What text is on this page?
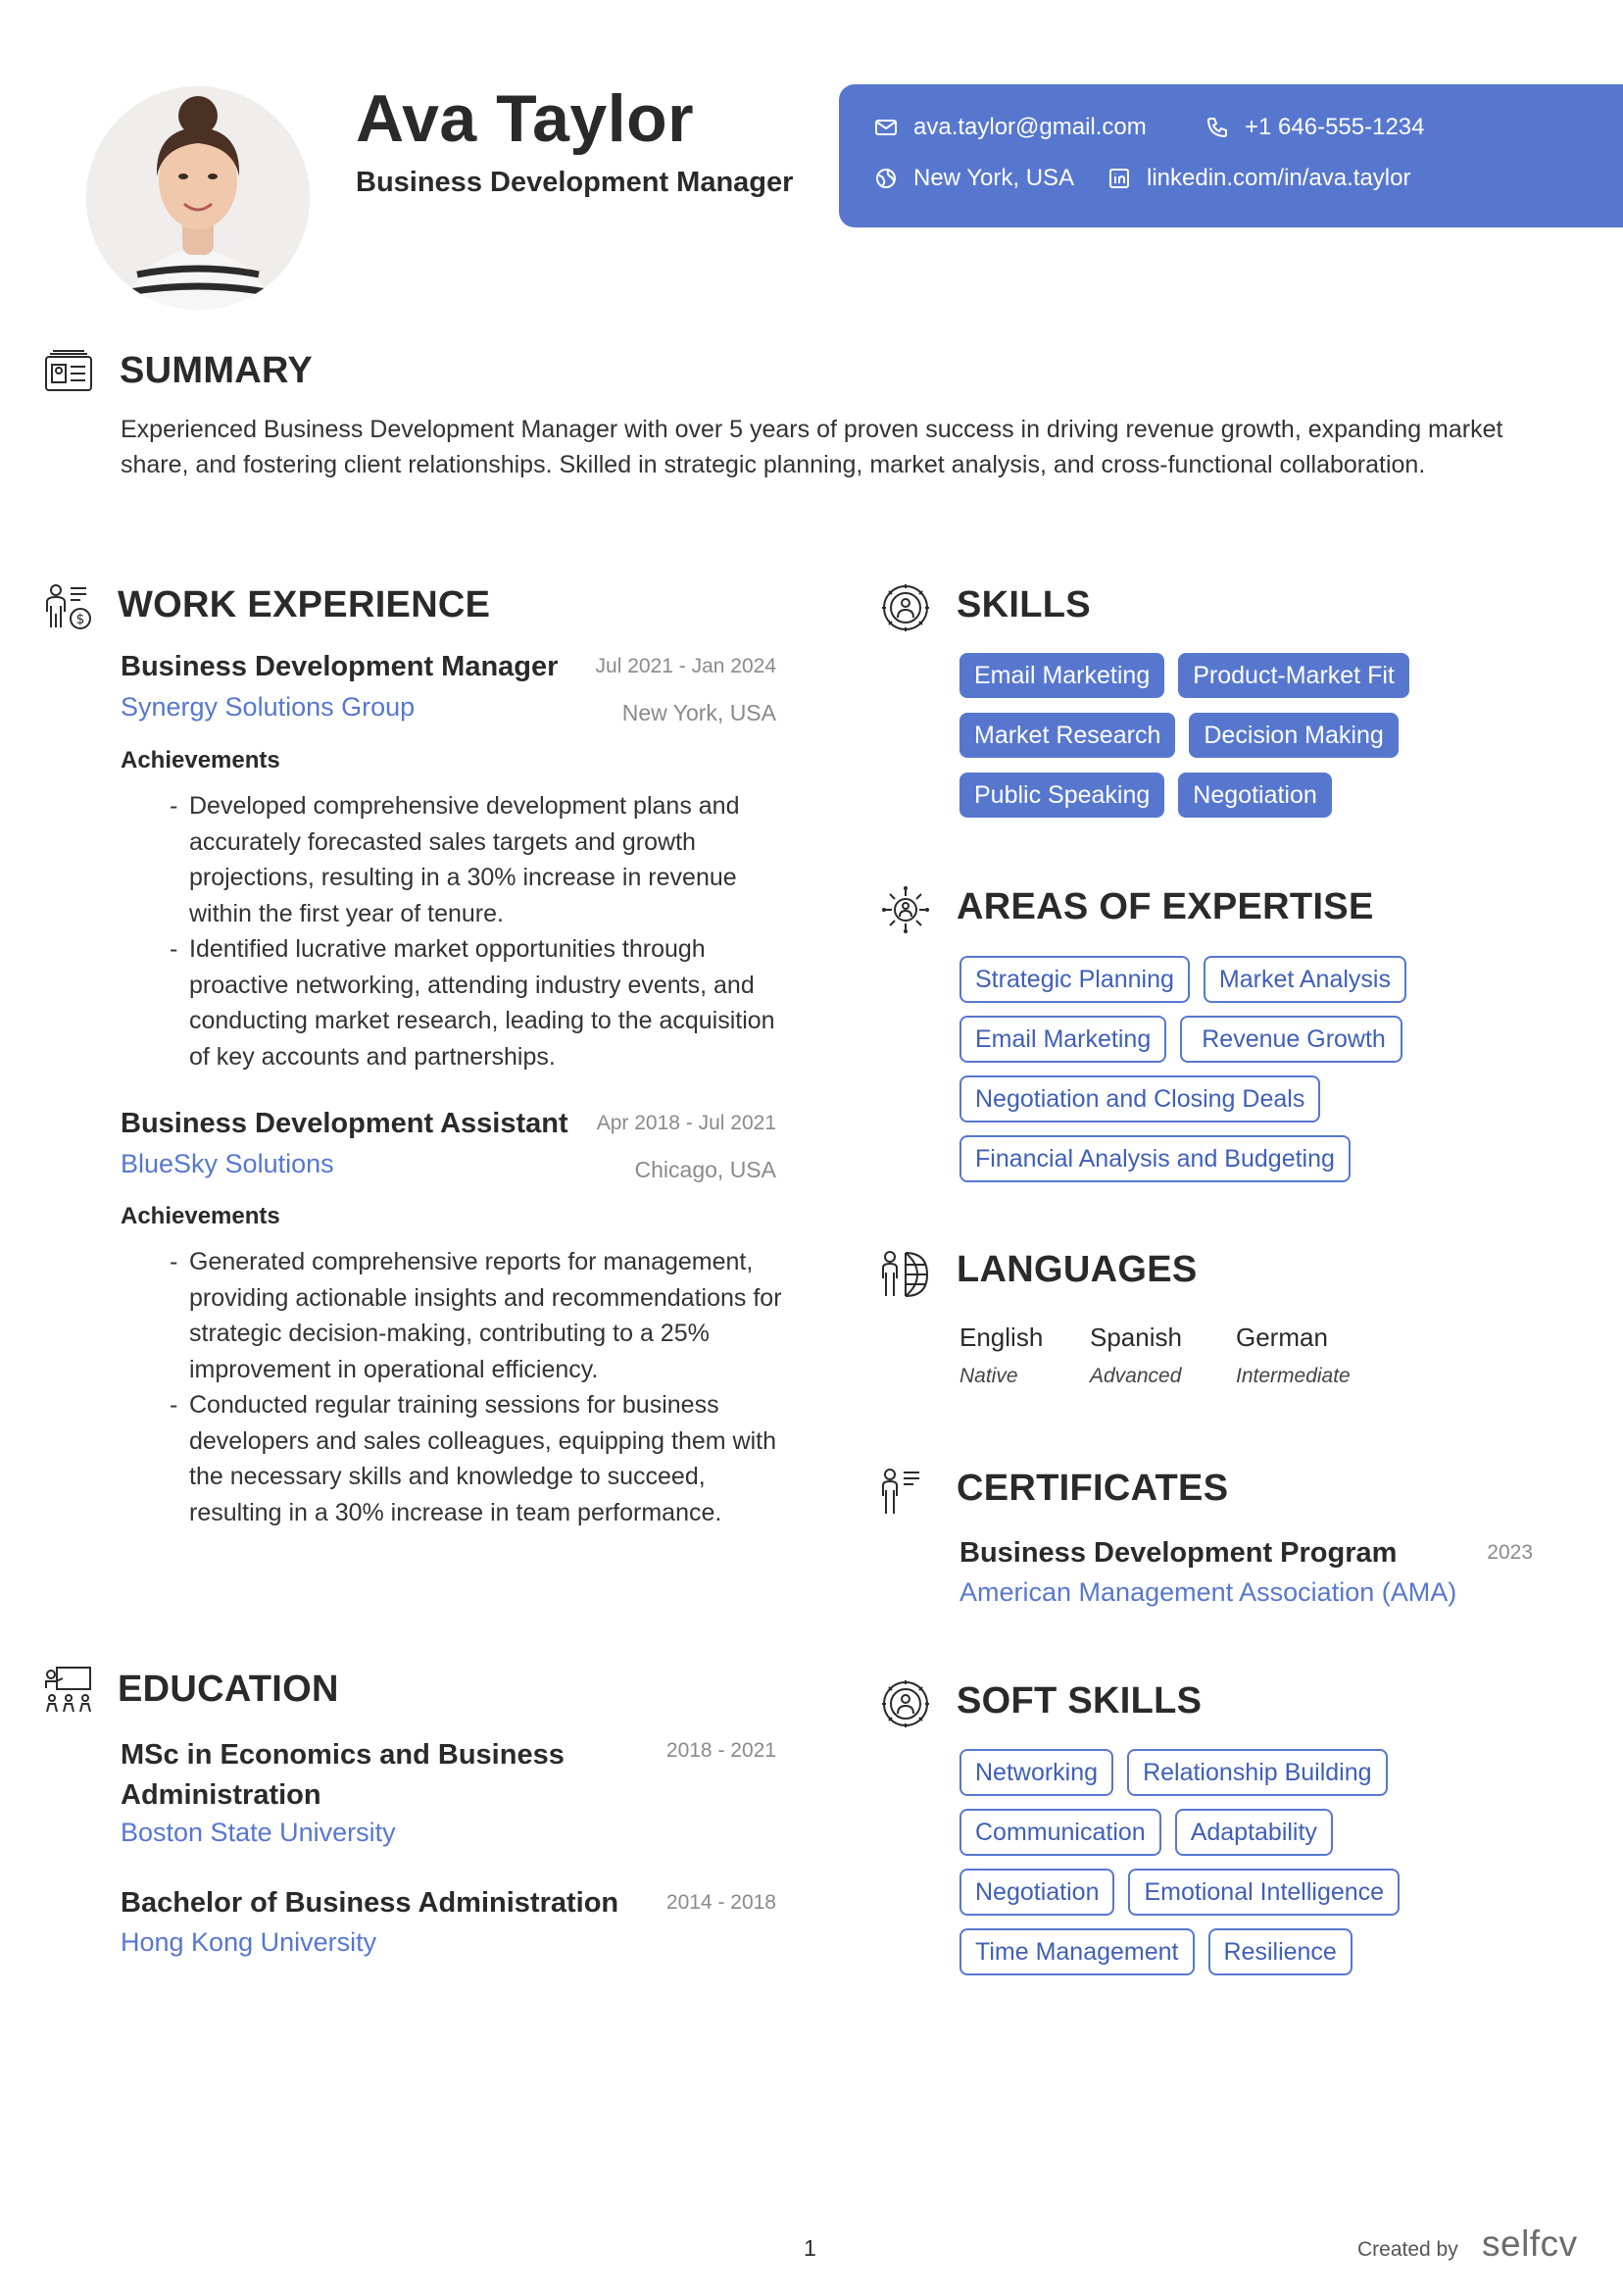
Ava Taylor
Business Development Manager
ava.taylor@gmail.com	+1 646-555-1234
New York, USA	linkedin.com/in/ava.taylor
SUMMARY
Experienced Business Development Manager with over 5 years of proven success in driving revenue growth, expanding market share, and fostering client relationships. Skilled in strategic planning, market analysis, and cross-functional collaboration.
$ WORK EXPERIENCE
Business Development Manager	Jul 2021 - Jan 2024
Synergy Solutions Group	New York, USA
Achievements
- Developed comprehensive development plans and accurately forecasted sales targets and growth projections, resulting in a 30% increase in revenue within the first year of tenure.
- Identified lucrative market opportunities through proactive networking, attending industry events, and conducting market research, leading to the acquisition of key accounts and partnerships.
Business Development Assistant	Apr 2018 - Jul 2021
BlueSky Solutions	Chicago, USA
Achievements
- Generated comprehensive reports for management, providing actionable insights and recommendations for strategic decision-making, contributing to a 25% improvement in operational efficiency.
- Conducted regular training sessions for business developers and sales colleagues, equipping them with the necessary skills and knowledge to succeed, resulting in a 30% increase in team performance.
EDUCATION
MSc in Economics and Business Administration
2018 - 2021
Boston State University
Bachelor of Business Administration	2014 - 2018
Hong Kong University
SKILLS
Email Marketing	Product-Market Fit
Market Research	Decision Making
Public Speaking	Negotiation
AREAS OF EXPERTISE
Strategic Planning	Market Analysis
Email Marketing	Revenue Growth
Negotiation and Closing Deals
Financial Analysis and Budgeting
LANGUAGES
English
Native
Spanish
Advanced
German
Intermediate
CERTIFICATES
Business Development Program	2023
American Management Association (AMA)
SOFT SKILLS
Networking	Relationship Building
Communication	Adaptability
Negotiation	Emotional Intelligence
Time Management	Resilience
1	Created by selfcv
